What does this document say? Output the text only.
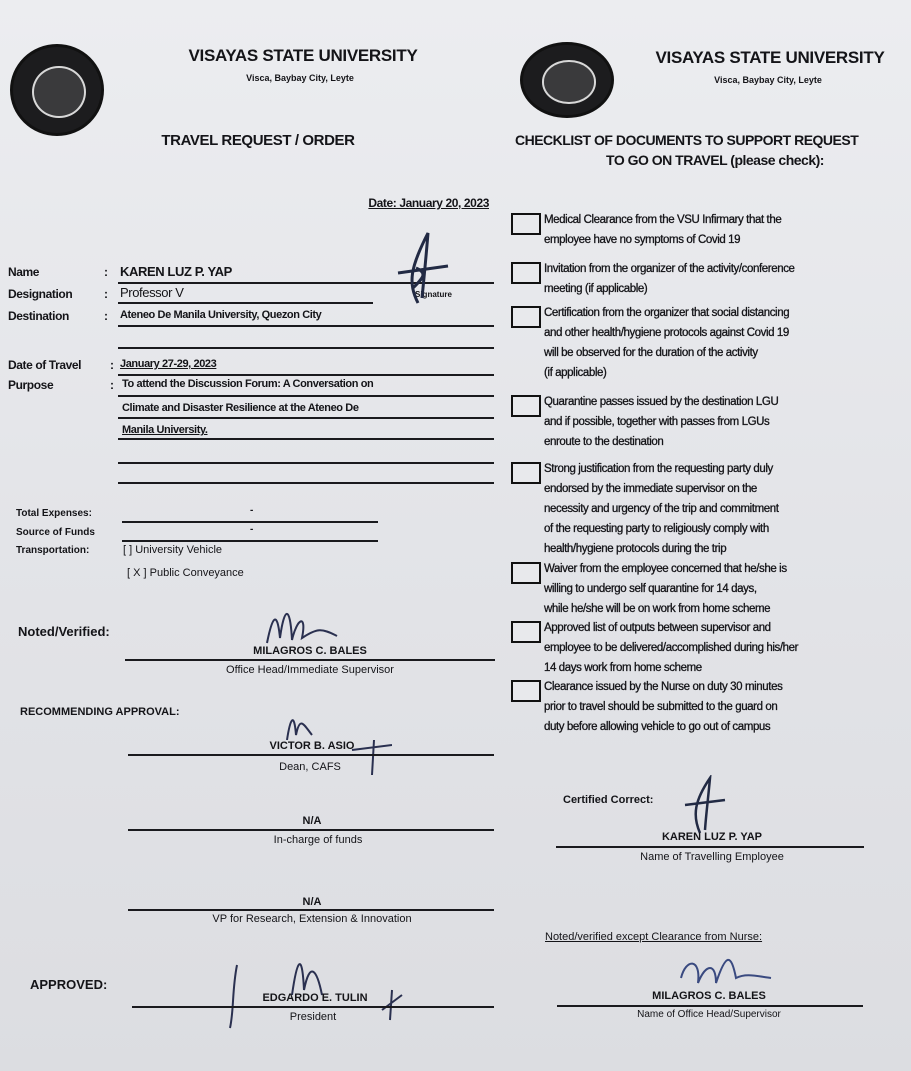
VISAYAS STATE UNIVERSITY
Visca, Baybay City, Leyte
TRAVEL REQUEST / ORDER
Date: January 20, 2023
Name	: KAREN LUZ P. YAP
Designation	: Professor V	Signature
Destination	: Ateneo De Manila University, Quezon City
Date of Travel : January 27-29, 2023
Purpose	: To attend the Discussion Forum: A Conversation on
Climate and Disaster Resilience at the Ateneo De
Manila University.
Total Expenses:	-
Source of Funds	-
Transportation:	[ ] University Vehicle
[ X ] Public Conveyance
Noted/Verified:
MILAGROS C. BALES
Office Head/Immediate Supervisor
RECOMMENDING APPROVAL:
VICTOR B. ASIO
Dean, CAFS
N/A
In-charge of funds
N/A
VP for Research, Extension & Innovation
APPROVED:
EDGARDO E. TULIN
President
VISAYAS STATE UNIVERSITY
Visca, Baybay City, Leyte
CHECKLIST OF DOCUMENTS TO SUPPORT REQUEST
TO GO ON TRAVEL (please check):
Medical Clearance from the VSU Infirmary that the
employee have no symptoms of Covid 19
Invitation from the organizer of the activity/conference
meeting (if applicable)
Certification from the organizer that social distancing
and other health/hygiene protocols against Covid 19
will be observed for the duration of the activity
(if applicable)
Quarantine passes issued by the destination LGU
and if possible, together with passes from LGUs
enroute to the destination
Strong justification from the requesting party duly
endorsed by the immediate supervisor on the
necessity and urgency of the trip and commitment
of the requesting party to religiously comply with
health/hygiene protocols during the trip
Waiver from the employee concerned that he/she is
willing to undergo self quarantine for 14 days,
while he/she will be on work from home scheme
Approved list of outputs between supervisor and
employee to be delivered/accomplished during his/her
14 days work from home scheme
Clearance issued by the Nurse on duty 30 minutes
prior to travel should be submitted to the guard on
duty before allowing vehicle to go out of campus
Certified Correct:
KAREN LUZ P. YAP
Name of Travelling Employee
Noted/verified except Clearance from Nurse:
MILAGROS C. BALES
Name of Office Head/Supervisor
